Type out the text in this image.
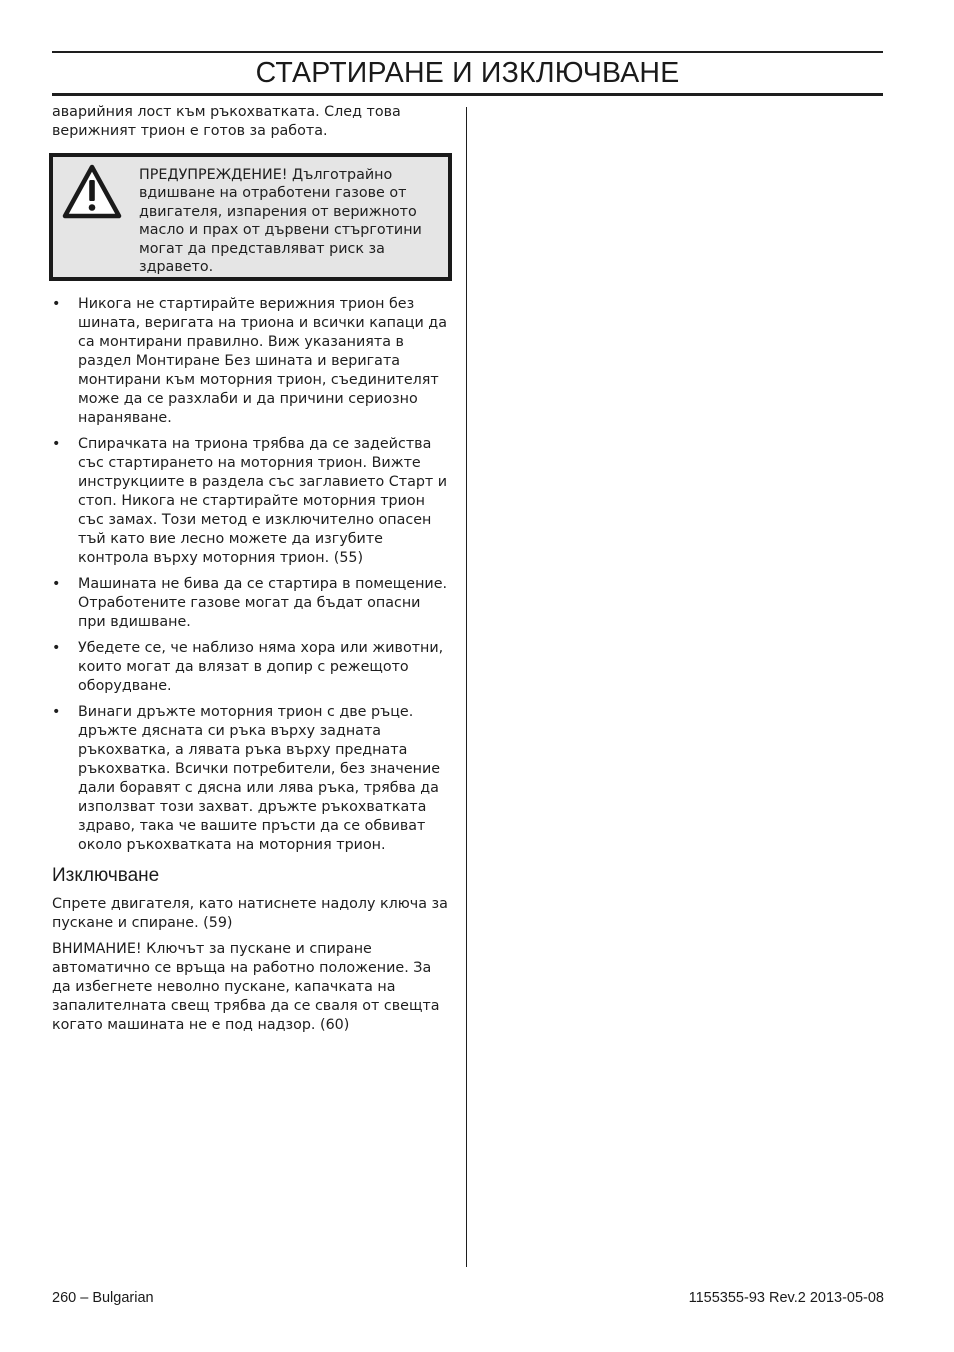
СТАРТИРАНЕ И ИЗКЛЮЧВАНЕ

аварийния лост към ръкохватката. След това верижният трион е готов за работа.

ПРЕДУПРЕЖДЕНИЕ! Дълготрайно вдишване на отработени газове от двигателя, изпарения от верижното масло и прах от дървени стърготини могат да представляват риск за здравето.
• Никога не стартирайте верижния трион без шината, веригата на триона и всички капаци да са монтирани правилно. Виж указанията в раздел Монтиране Без шината и веригата монтирани към моторния трион, съединителят може да се разхлаби и да причини сериозно нараняване.
• Спирачката на триона трябва да се задейства със стартирането на моторния трион. Вижте инструкциите в раздела със заглавието Старт и стоп. Никога не стартирайте моторния трион със замах. Този метод е изключително опасен тъй като вие лесно можете да изгубите контрола върху моторния трион. (55)
• Машината не бива да се стартира в помещение. Отработените газове могат да бъдат опасни при вдишване.
• Убедете се, че наблизо няма хора или животни, които могат да влязат в допир с режещото оборудване.
• Винаги дръжте моторния трион с две ръце. дръжте дясната си ръка върху задната ръкохватка, а лявата ръка върху предната ръкохватка. Всички потребители, без значение дали боравят с дясна или лява ръка, трябва да използват този захват. дръжте ръкохватката здраво, така че вашите пръсти да се обвиват около ръкохватката на моторния трион.

Изключване

Спрете двигателя, като натиснете надолу ключа за пускане и спиране. (59)

ВНИМАНИЕ! Ключът за пускане и спиране автоматично се връща на работно положение. За да избегнете неволно пускане, капачката на запалителната свещ трябва да се сваля от свещта когато машината не е под надзор. (60)

260 – Bulgarian	1155355-93 Rev.2 2013-05-08
